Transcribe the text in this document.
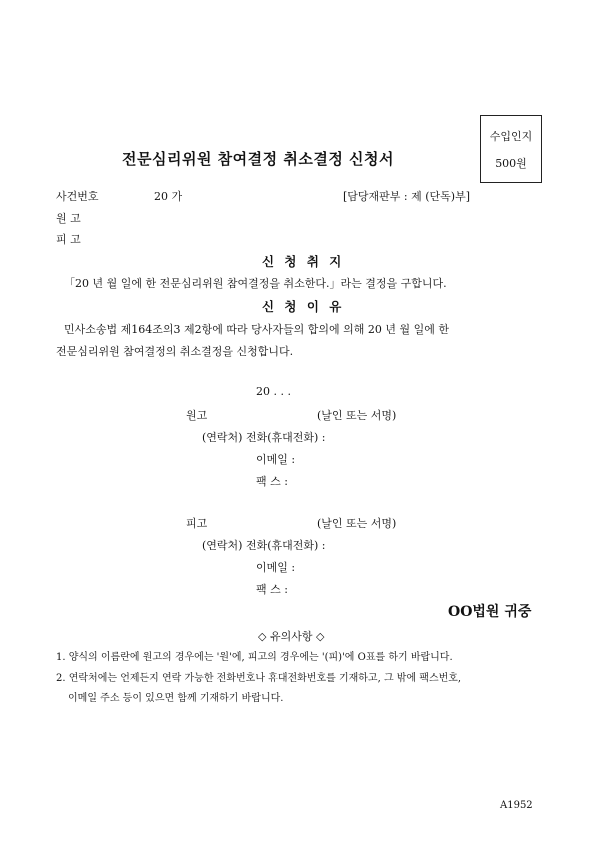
수입인지
500원
전문심리위원 참여결정 취소결정 신청서
사건번호	20 가	[담당재판부 : 제 (단독)부]
원 고
피 고
신 청 취 지
「20 년 월 일에 한 전문심리위원 참여결정을 취소한다.」라는 결정을 구합니다.
신 청 이 유
민사소송법 제164조의3 제2항에 따라 당사자들의 합의에 의해 20 년 월 일에 한
전문심리위원 참여결정의 취소결정을 신청합니다.
20 . . .
원고	(날인 또는 서명)
(연락처) 전화(휴대전화) :
이메일 :
팩 스 :
피고	(날인 또는 서명)
(연락처) 전화(휴대전화) :
이메일 :
팩 스 :
OO법원 귀중
◇ 유의사항 ◇
1. 양식의 이름란에 원고의 경우에는 '원'에, 피고의 경우에는 '(피)'에 O표를 하기 바랍니다.
2. 연락처에는 언제든지 연락 가능한 전화번호나 휴대전화번호를 기재하고, 그 밖에 팩스번호,
이메일 주소 등이 있으면 함께 기재하기 바랍니다.
A1952
